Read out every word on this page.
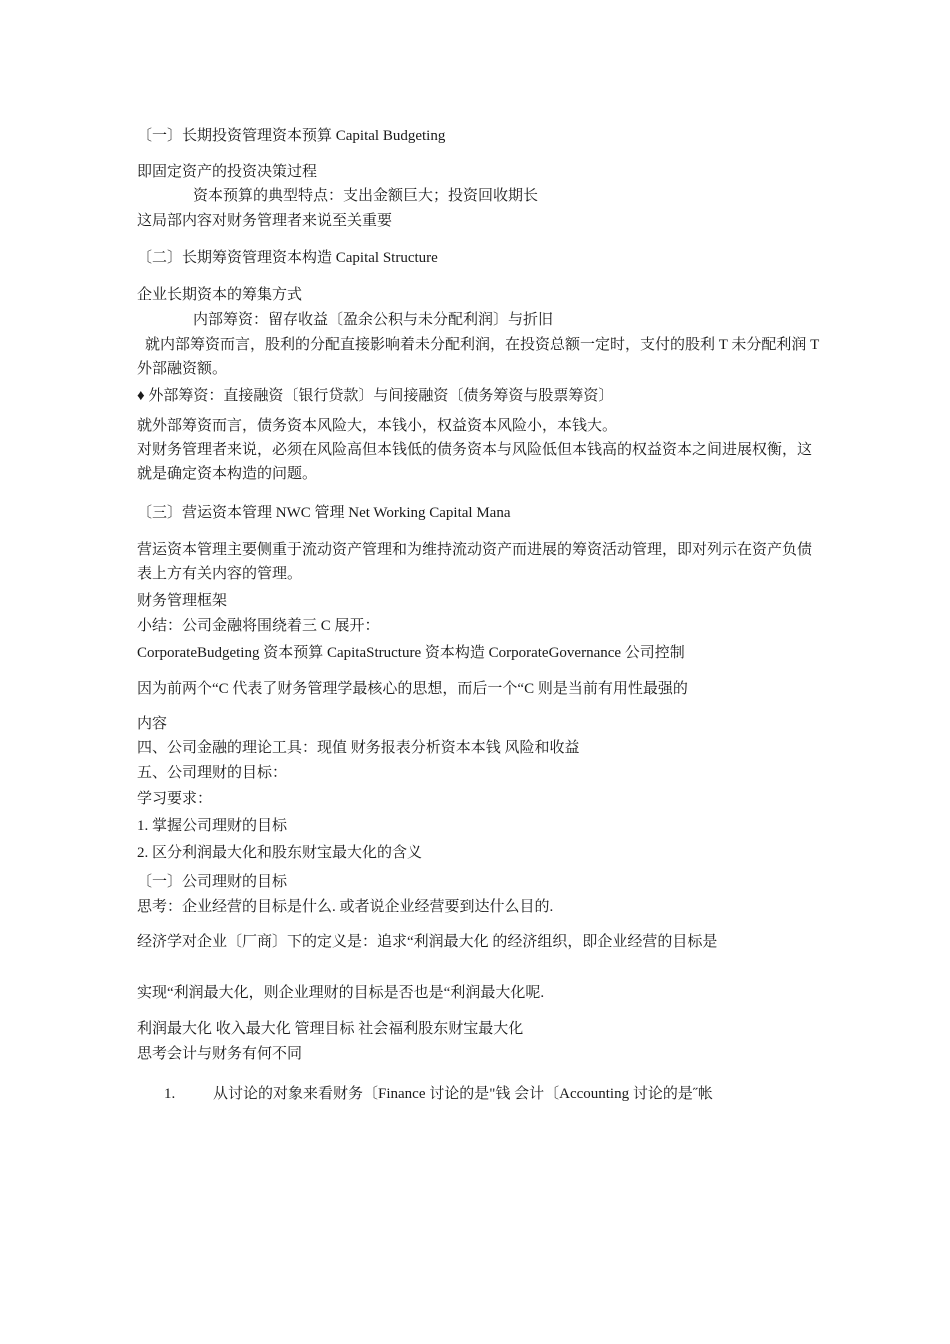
〔一〕长期投资管理资本预算 Capital Budgeting
即固定资产的投资决策过程
资本预算的典型特点：支出金额巨大；投资回收期长
这局部内容对财务管理者来说至关重要
〔二〕长期筹资管理资本构造 Capital Structure
企业长期资本的筹集方式
内部筹资：留存收益〔盈余公积与未分配利润〕与折旧
就内部筹资而言，股利的分配直接影响着未分配利润，在投资总额一定时，支付的股利 T 未分配利润 T 外部融资额。
♦ 外部筹资：直接融资〔银行贷款〕与间接融资〔债务筹资与股票筹资〕
就外部筹资而言，债务资本风险大，本钱小，权益资本风险小，本钱大。
对财务管理者来说，必须在风险高但本钱低的债务资本与风险低但本钱高的权益资本之间进展权衡，这就是确定资本构造的问题。
〔三〕营运资本管理 NWC 管理 Net Working Capital Mana
营运资本管理主要侧重于流动资产管理和为维持流动资产而进展的筹资活动管理，即对列示在资产负债表上方有关内容的管理。
财务管理框架
小结：公司金融将围绕着三 C 展开：
CorporateBudgeting 资本预算 CapitaStructure 资本构造 CorporateGovernance 公司控制
因为前两个“C 代表了财务管理学最核心的思想，而后一个“C 则是当前有用性最强的
内容
四、公司金融的理论工具：现值 财务报表分析资本本钱 风险和收益
五、公司理财的目标：
学习要求：
1. 掌握公司理财的目标
2. 区分利润最大化和股东财宝最大化的含义
〔一〕公司理财的目标
思考：企业经营的目标是什么. 或者说企业经营要到达什么目的.
经济学对企业〔厂商〕下的定义是：追求“利润最大化 的经济组织，即企业经营的目标是
实现“利润最大化，则企业理财的目标是否也是“利润最大化呢.
利润最大化 收入最大化 管理目标 社会福利股东财宝最大化
思考会计与财务有何不同
1.	从讨论的对象来看财务〔Finance 讨论的是"钱 会计〔Accounting 讨论的是˝帐
